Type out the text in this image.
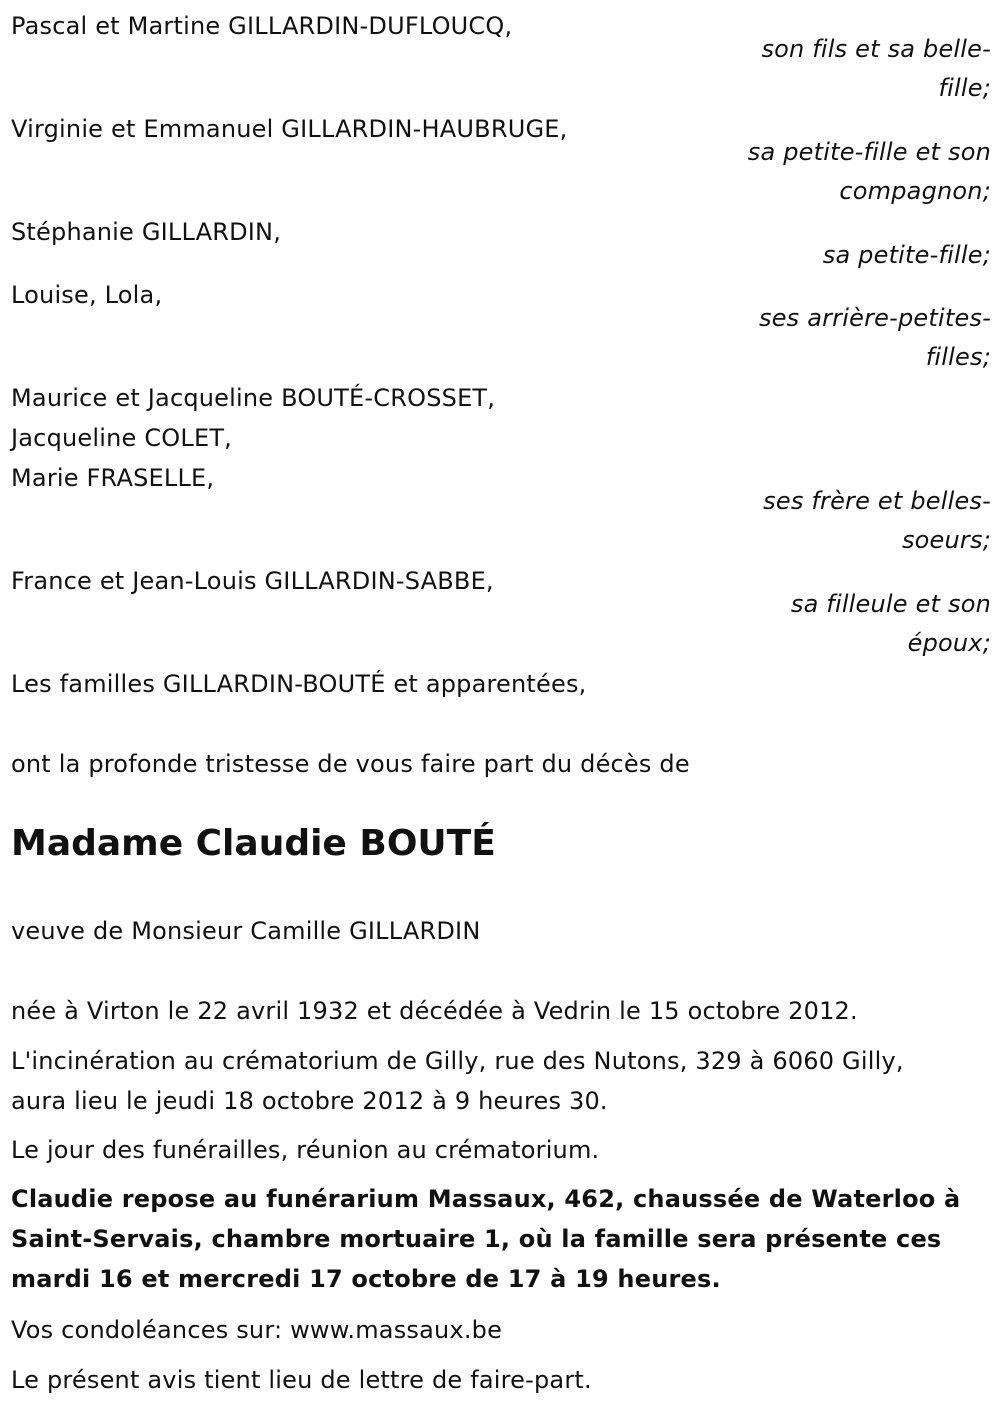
Pascal et Martine GILLARDIN-DUFLOUCQ,
son fils et sa belle-
fille;
Virginie et Emmanuel GILLARDIN-HAUBRUGE,
sa petite-fille et son
compagnon;
Stéphanie GILLARDIN,
sa petite-fille;
Louise, Lola,
ses arrière-petites-
filles;
Maurice et Jacqueline BOUTÉ-CROSSET,
Jacqueline COLET,
Marie FRASELLE,
ses frère et belles-
soeurs;
France et Jean-Louis GILLARDIN-SABBE,
sa filleule et son
époux;
Les familles GILLARDIN-BOUTÉ et apparentées,
ont la profonde tristesse de vous faire part du décès de
Madame Claudie BOUTÉ
veuve de Monsieur Camille GILLARDIN
née à Virton le 22 avril 1932 et décédée à Vedrin le 15 octobre 2012.
L'incinération au crématorium de Gilly, rue des Nutons, 329 à 6060 Gilly,
aura lieu le jeudi 18 octobre 2012 à 9 heures 30.
Le jour des funérailles, réunion au crématorium.
Claudie repose au funérarium Massaux, 462, chaussée de Waterloo à
Saint-Servais, chambre mortuaire 1, où la famille sera présente ces
mardi 16 et mercredi 17 octobre de 17 à 19 heures.
Vos condoléances sur: www.massaux.be
Le présent avis tient lieu de lettre de faire-part.
